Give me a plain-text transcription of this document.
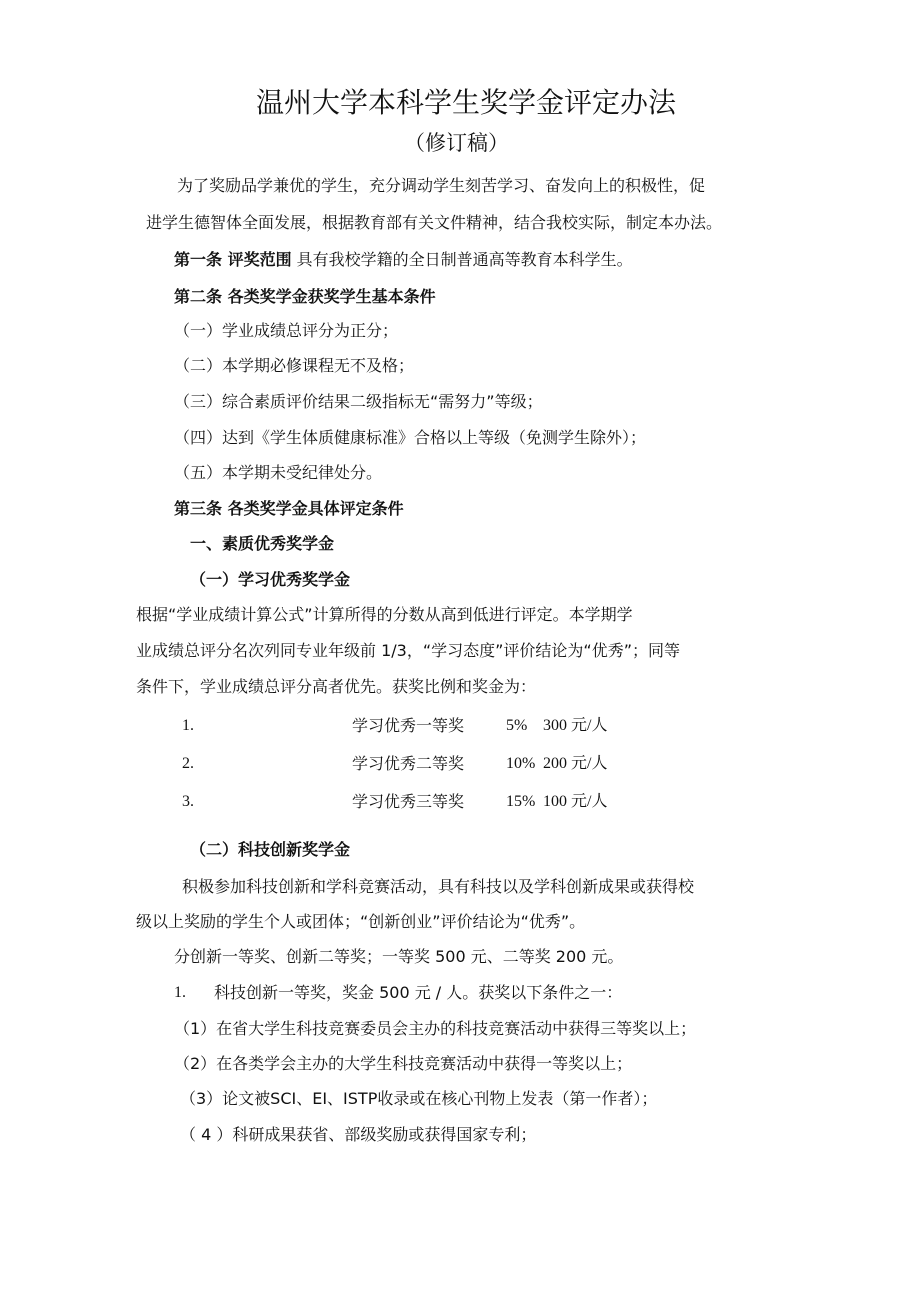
温州大学本科学生奖学金评定办法
（修订稿）
为了奖励品学兼优的学生，充分调动学生刻苦学习、奋发向上的积极性，促
进学生德智体全面发展，根据教育部有关文件精神，结合我校实际，制定本办法。
第一条 评奖范围 具有我校学籍的全日制普通高等教育本科学生。
第二条 各类奖学金获奖学生基本条件
（一）学业成绩总评分为正分；
（二）本学期必修课程无不及格；
（三）综合素质评价结果二级指标无“需努力”等级；
（四）达到《学生体质健康标准》合格以上等级（免测学生除外）；
（五）本学期未受纪律处分。
第三条 各类奖学金具体评定条件
一、素质优秀奖学金
（一）学习优秀奖学金
根据“学业成绩计算公式”计算所得的分数从高到低进行评定。本学期学
业成绩总评分名次列同专业年级前 1/3，“学习态度”评价结论为“优秀”；同等
条件下，学业成绩总评分高者优先。获奖比例和奖金为：
1.	学习优秀一等奖	5% 300 元/人
2.	学习优秀二等奖	10% 200 元/人
3.	学习优秀三等奖	15% 100 元/人
（二）科技创新奖学金
积极参加科技创新和学科竞赛活动，具有科技以及学科创新成果或获得校
级以上奖励的学生个人或团体；“创新创业”评价结论为“优秀”。
分创新一等奖、创新二等奖；一等奖 500 元、二等奖 200 元。
1. 科技创新一等奖，奖金 500 元 / 人。获奖以下条件之一：
（1）在省大学生科技竞赛委员会主办的科技竞赛活动中获得三等奖以上；
（2）在各类学会主办的大学生科技竞赛活动中获得一等奖以上；
（3）论文被SCI、EI、ISTP收录或在核心刊物上发表（第一作者）；
（ 4 ）科研成果获省、部级奖励或获得国家专利；
